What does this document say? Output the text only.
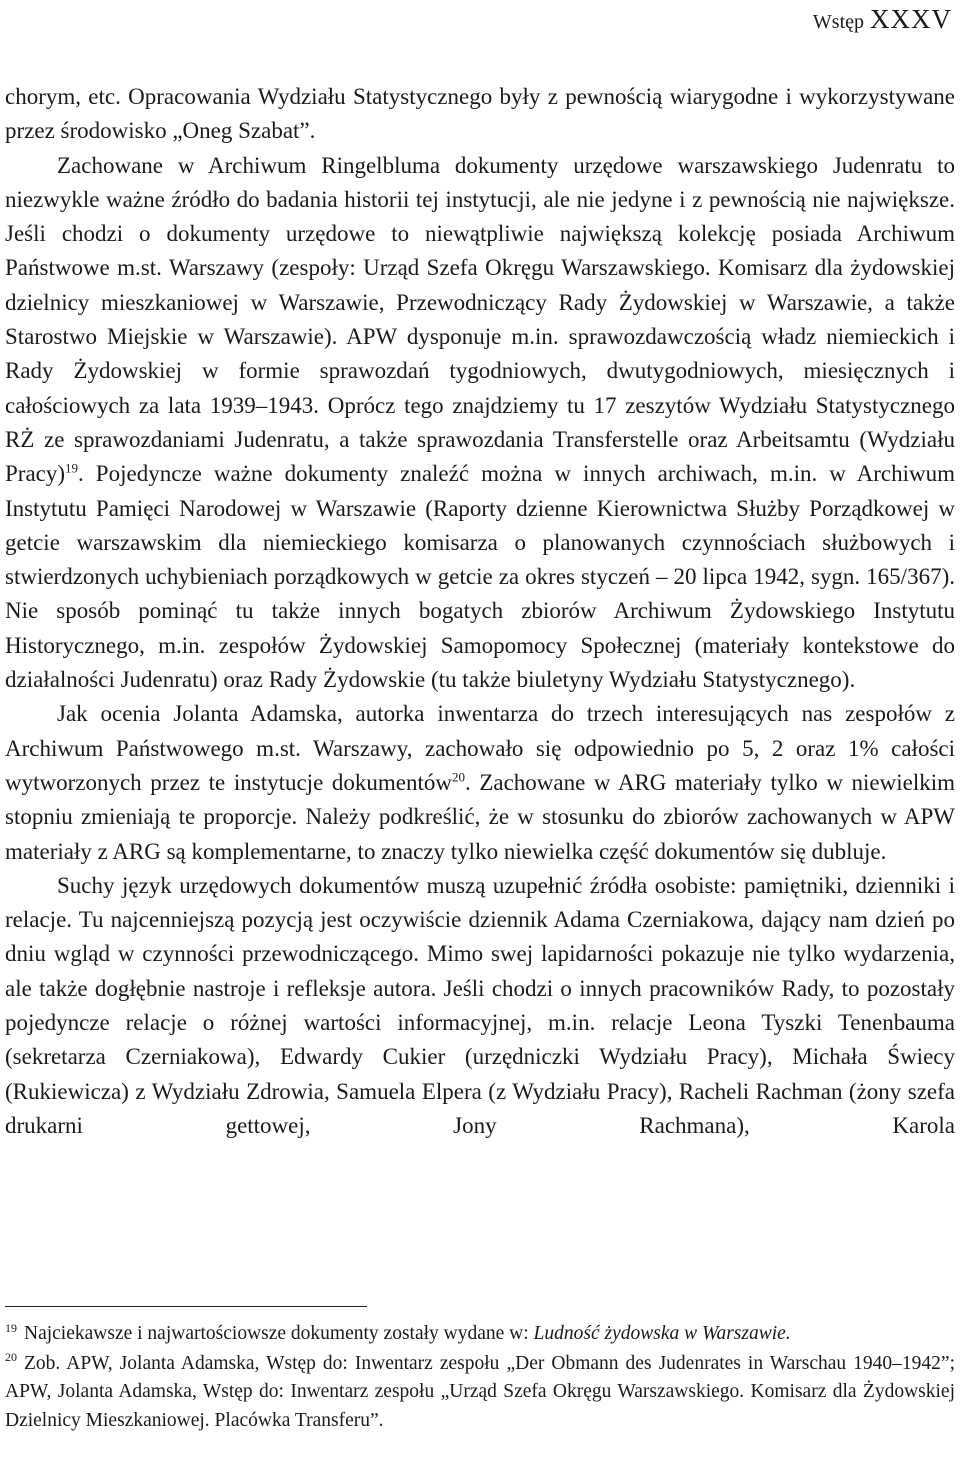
Wstęp XXXV

chorym, etc. Opracowania Wydziału Statystycznego były z pewnością wiarygodne i wykorzystywane przez środowisko „Oneg Szabat”.

Zachowane w Archiwum Ringelbluma dokumenty urzędowe warszawskiego Judenratu to niezwykle ważne źródło do badania historii tej instytucji, ale nie jedyne i z pewnością nie największe. Jeśli chodzi o dokumenty urzędowe to niewątpliwie największą kolekcję posiada Archiwum Państwowe m.st. Warszawy (zespoły: Urząd Szefa Okręgu Warszawskiego. Komisarz dla żydowskiej dzielnicy mieszkaniowej w Warszawie, Przewodniczący Rady Żydowskiej w Warszawie, a także Starostwo Miejskie w Warszawie). APW dysponuje m.in. sprawozdawczością władz niemieckich i Rady Żydowskiej w formie sprawozdań tygodniowych, dwutygodniowych, miesięcznych i całościowych za lata 1939–1943. Oprócz tego znajdziemy tu 17 zeszytów Wydziału Statystycznego RŻ ze sprawozdaniami Judenratu, a także sprawozdania Transferstelle oraz Arbeitsamtu (Wydziału Pracy)$^{19}$. Pojedyncze ważne dokumenty znaleźć można w innych archiwach, m.in. w Archiwum Instytutu Pamięci Narodowej w Warszawie (Raporty dzienne Kierownictwa Służby Porządkowej w getcie warszawskim dla niemieckiego komisarza o planowanych czynnościach służbowych i stwierdzonych uchybieniach porządkowych w getcie za okres styczeń – 20 lipca 1942, sygn. 165/367). Nie sposób pominąć tu także innych bogatych zbiorów Archiwum Żydowskiego Instytutu Historycznego, m.in. zespołów Żydowskiej Samopomocy Społecznej (materiały kontekstowe do działalności Judenratu) oraz Rady Żydowskie (tu także biuletyny Wydziału Statystycznego).

Jak ocenia Jolanta Adamska, autorka inwentarza do trzech interesujących nas zespołów z Archiwum Państwowego m.st. Warszawy, zachowało się odpowiednio po 5, 2 oraz 1% całości wytworzonych przez te instytucje dokumentów$^{20}$. Zachowane w ARG materiały tylko w niewielkim stopniu zmieniają te proporcje. Należy podkreślić, że w stosunku do zbiorów zachowanych w APW materiały z ARG są komplementarne, to znaczy tylko niewielka część dokumentów się dubluje.

Suchy język urzędowych dokumentów muszą uzupełnić źródła osobiste: pamiętniki, dzienniki i relacje. Tu najcenniejszą pozycją jest oczywiście dziennik Adama Czerniakowa, dający nam dzień po dniu wgląd w czynności przewodniczącego. Mimo swej lapidarności pokazuje nie tylko wydarzenia, ale także dogłębnie nastroje i refleksje autora. Jeśli chodzi o innych pracowników Rady, to pozostały pojedyncze relacje o różnej wartości informacyjnej, m.in. relacje Leona Tyszki Tenenbauma (sekretarza Czerniakowa), Edwardy Cukier (urzędniczki Wydziału Pracy), Michała Świecy (Rukiewicza) z Wydziału Zdrowia, Samuela Elpera (z Wydziału Pracy), Racheli Rachman (żony szefa drukarni gettowej, Jony Rachmana), Karola

$^{19}$ Najciekawsze i najwartościowsze dokumenty zostały wydane w: Ludność żydowska w Warszawie.

$^{20}$ Zob. APW, Jolanta Adamska, Wstęp do: Inwentarz zespołu „Der Obmann des Judenrates in Warschau 1940–1942”; APW, Jolanta Adamska, Wstęp do: Inwentarz zespołu „Urząd Szefa Okręgu Warszawskiego. Komisarz dla Żydowskiej Dzielnicy Mieszkaniowej. Placówka Transferu”.
